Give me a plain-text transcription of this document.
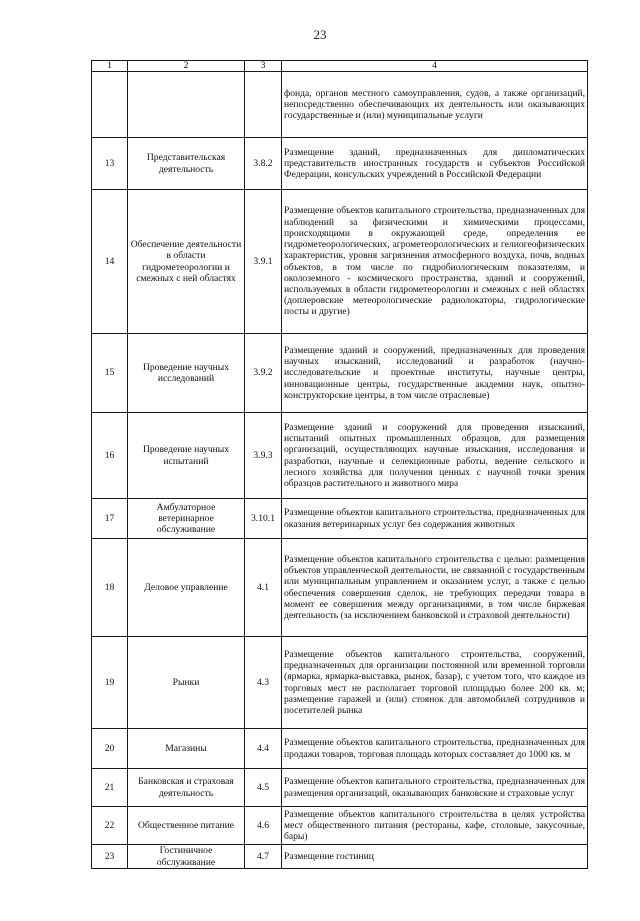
23
1	2	3	4
			фонда, органов местного самоуправления, судов, а также организаций, непосредственно обеспечивающих их деятельность или оказывающих государственные и (или) муниципальные услуги
13	Представительская деятельность	3.8.2	Размещение зданий, предназначенных для дипломатических представительств иностранных государств и субъектов Российской Федерации, консульских учреждений в Российской Федерации
14	Обеспечение деятельности в области гидрометеорологии и смежных с ней областях	3.9.1	Размещение объектов капитального строительства, предназначенных для наблюдений за физическими и химическими процессами, происходящими в окружающей среде, определения ее гидрометеорологических, агрометеорологических и гелиогеофизических характеристик, уровня загрязнения атмосферного воздуха, почв, водных объектов, в том числе по гидробиологическим показателям, и околоземного - космического пространства, зданий и сооружений, используемых в области гидрометеорологии и смежных с ней областях (доплеровские метеорологические радиолокаторы, гидрологические посты и другие)
15	Проведение научных исследований	3.9.2	Размещение зданий и сооружений, предназначенных для проведения научных изысканий, исследований и разработок (научно-исследовательские и проектные институты, научные центры, инновационные центры, государственные академии наук, опытно-конструкторские центры, в том числе отраслевые)
16	Проведение научных испытаний	3.9.3	Размещение зданий и сооружений для проведения изысканий, испытаний опытных промышленных образцов, для размещения организаций, осуществляющих научные изыскания, исследования и разработки, научные и селекционные работы, ведение сельского и лесного хозяйства для получения ценных с научной точки зрения образцов растительного и животного мира
17	Амбулаторное ветеринарное обслуживание	3.10.1	Размещение объектов капитального строительства, предназначенных для оказания ветеринарных услуг без содержания животных
18	Деловое управление	4.1	Размещение объектов капитального строительства с целью: размещения объектов управленческой деятельности, не связанной с государственным или муниципальным управлением и оказанием услуг, а также с целью обеспечения совершения сделок, не требующих передачи товара в момент ее совершения между организациями, в том числе биржевая деятельность (за исключением банковской и страховой деятельности)
19	Рынки	4.3	Размещение объектов капитального строительства, сооружений, предназначенных для организации постоянной или временной торговли (ярмарка, ярмарка-выставка, рынок, базар), с учетом того, что каждое из торговых мест не располагает торговой площадью более 200 кв. м; размещение гаражей и (или) стоянок для автомобилей сотрудников и посетителей рынка
20	Магазины	4.4	Размещение объектов капитального строительства, предназначенных для продажи товаров, торговая площадь которых составляет до 1000 кв. м
21	Банковская и страховая деятельность	4.5	Размещение объектов капитального строительства, предназначенных для размещения организаций, оказывающих банковские и страховые услуг
22	Общественное питание	4.6	Размещение объектов капитального строительства в целях устройства мест общественного питания (рестораны, кафе, столовые, закусочные, бары)
23	Гостиничное обслуживание	4.7	Размещение гостиниц
